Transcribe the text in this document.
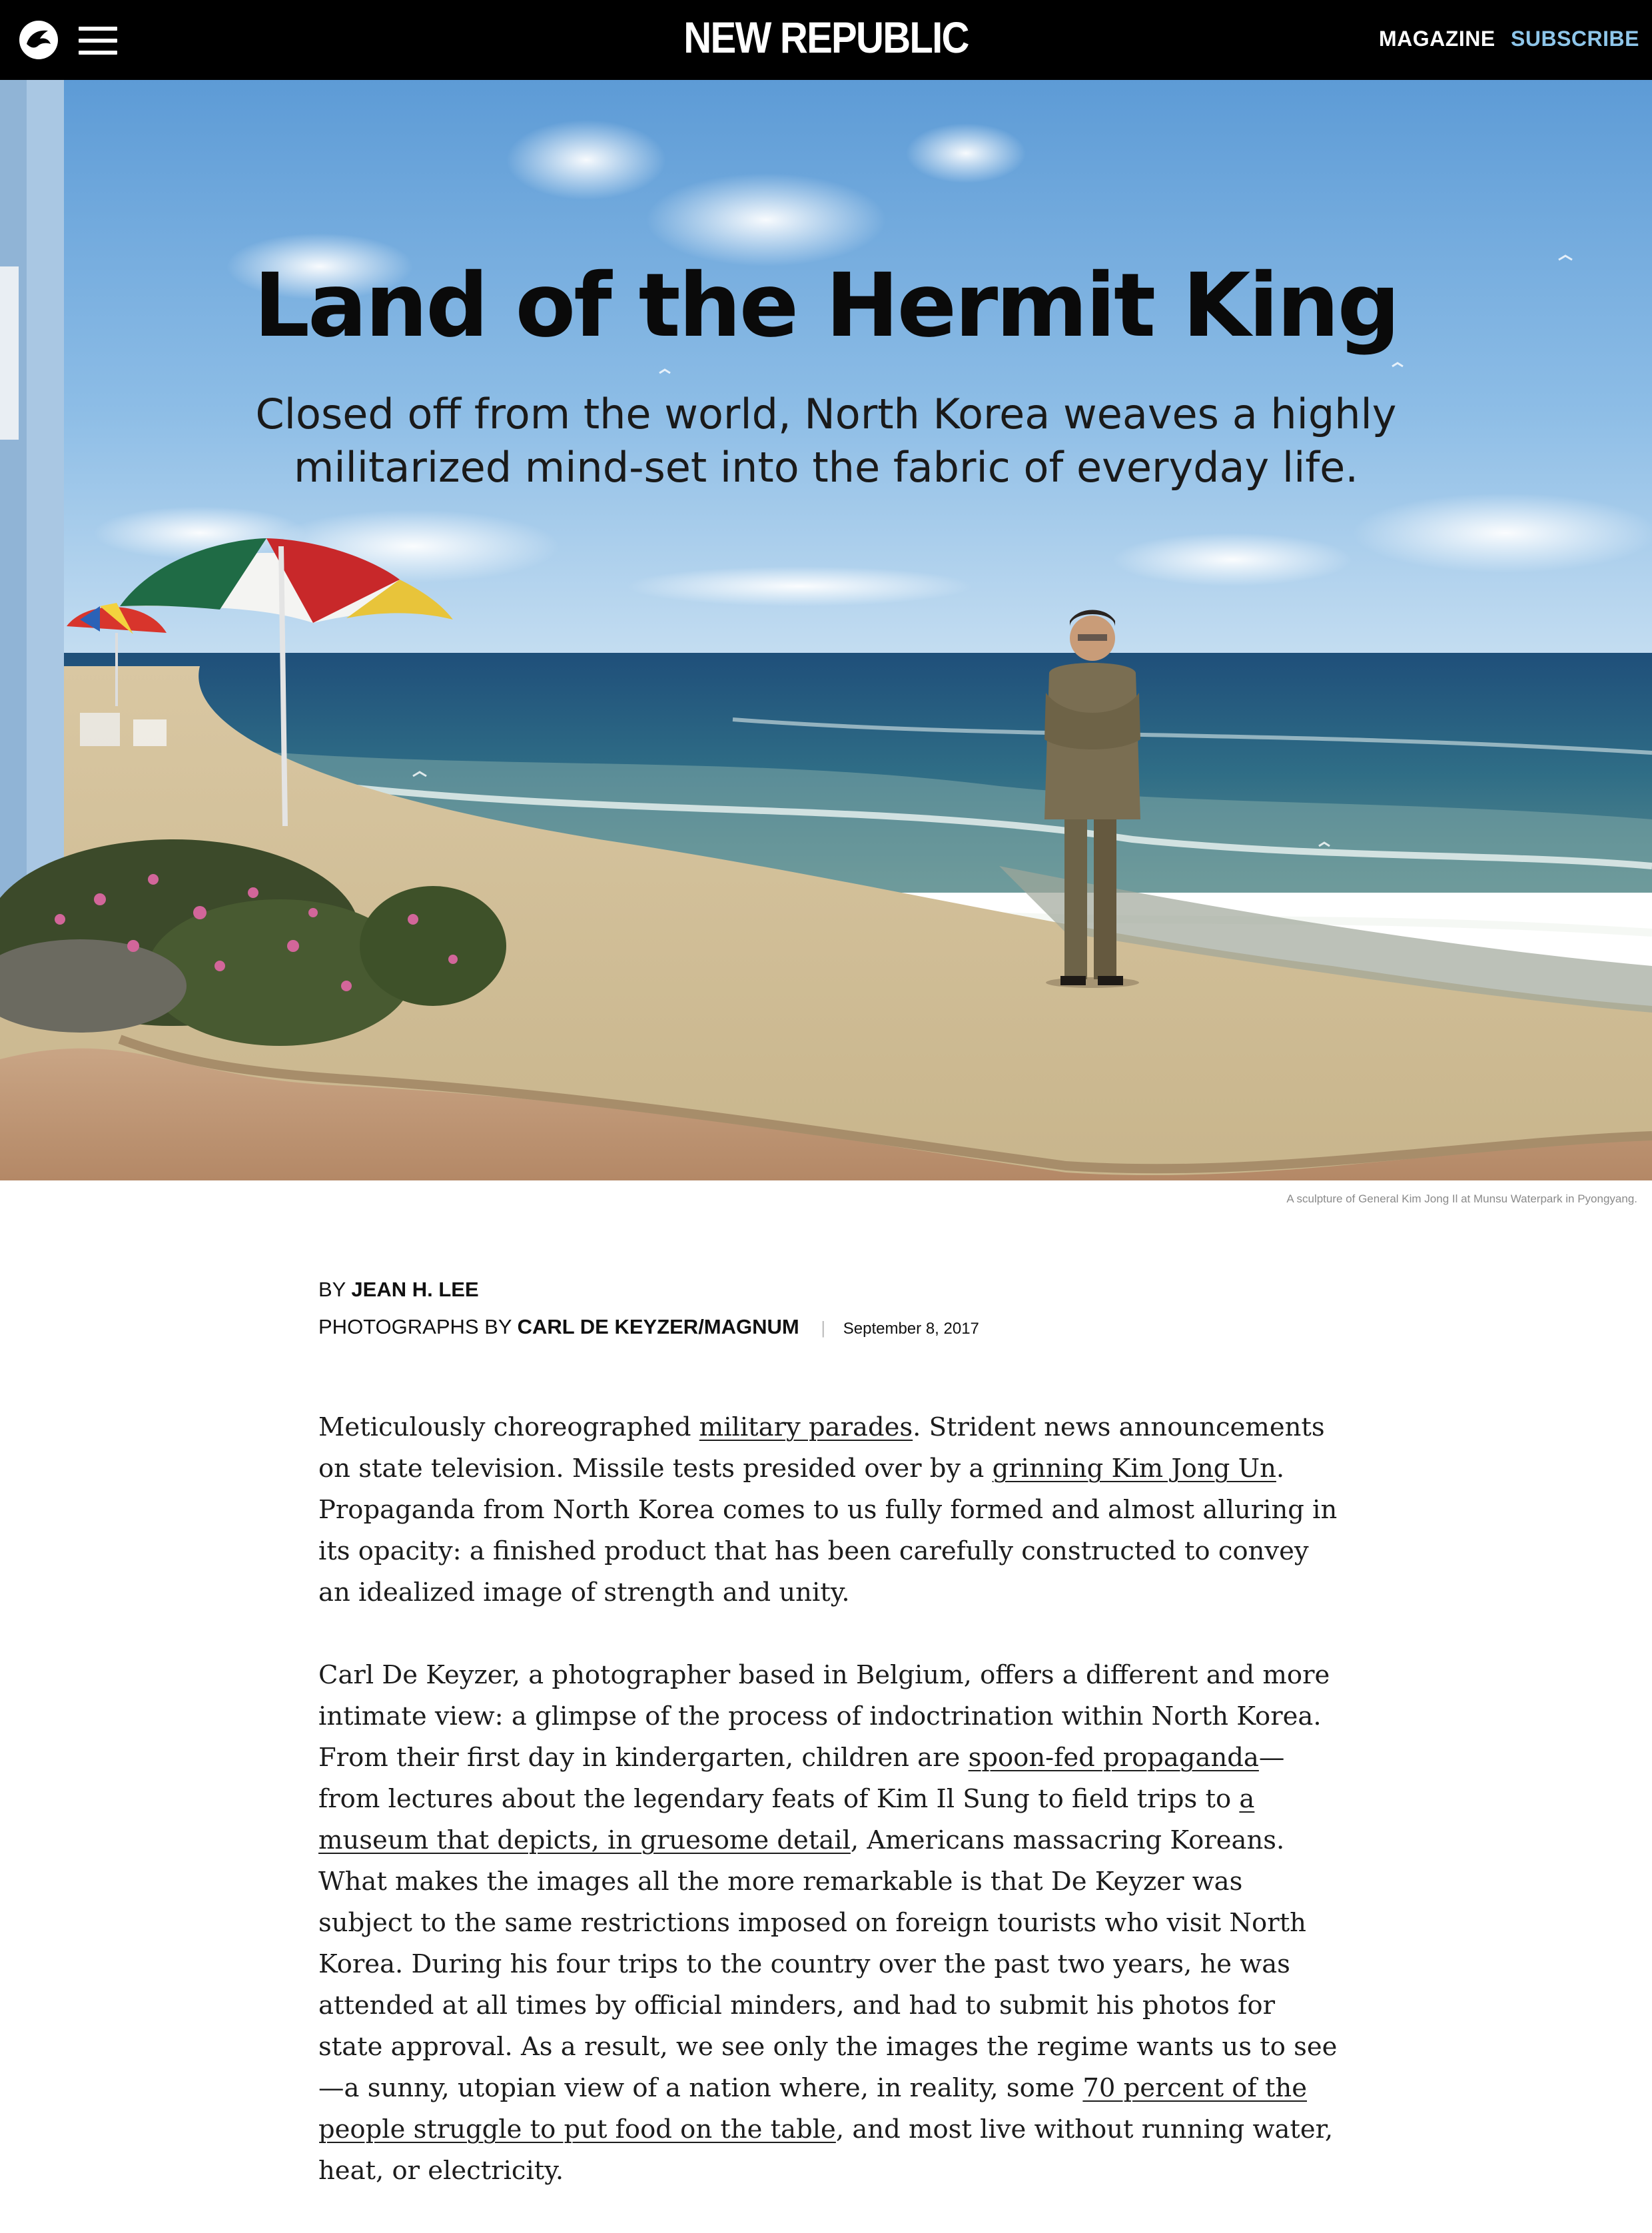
NEW REPUBLIC	MAGAZINE SUBSCRIBE
Land of the Hermit King
Closed off from the world, North Korea weaves a highly militarized mind-set into the fabric of everyday life.
A sculpture of General Kim Jong Il at Munsu Waterpark in Pyongyang.
BY JEAN H. LEE
PHOTOGRAPHS BY CARL DE KEYZER/MAGNUM | September 8, 2017

Meticulously choreographed military parades. Strident news announcements on state television. Missile tests presided over by a grinning Kim Jong Un. Propaganda from North Korea comes to us fully formed and almost alluring in its opacity: a finished product that has been carefully constructed to convey an idealized image of strength and unity.

Carl De Keyzer, a photographer based in Belgium, offers a different and more intimate view: a glimpse of the process of indoctrination within North Korea. From their first day in kindergarten, children are spoon-fed propaganda—from lectures about the legendary feats of Kim Il Sung to field trips to a museum that depicts, in gruesome detail, Americans massacring Koreans. What makes the images all the more remarkable is that De Keyzer was subject to the same restrictions imposed on foreign tourists who visit North Korea. During his four trips to the country over the past two years, he was attended at all times by official minders, and had to submit his photos for state approval. As a result, we see only the images the regime wants us to see—a sunny, utopian view of a nation where, in reality, some 70 percent of the people struggle to put food on the table, and most live without running water, heat, or electricity.
